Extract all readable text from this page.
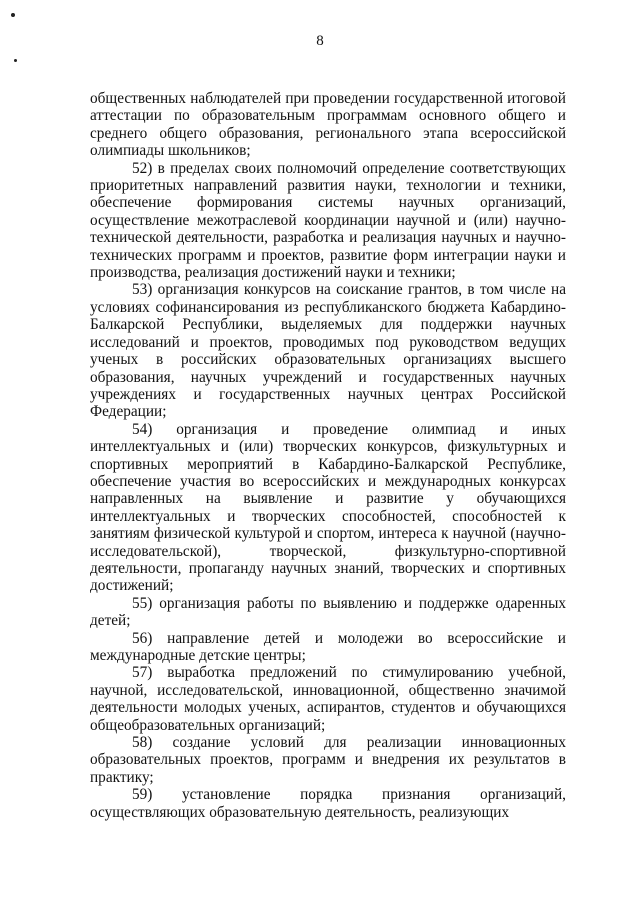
8

общественных наблюдателей при проведении государственной итоговой аттестации по образовательным программам основного общего и среднего общего образования, регионального этапа всероссийской олимпиады школьников;

52) в пределах своих полномочий определение соответствующих приоритетных направлений развития науки, технологии и техники, обеспечение формирования системы научных организаций, осуществление межотраслевой координации научной и (или) научно-технической деятельности, разработка и реализация научных и научно-технических программ и проектов, развитие форм интеграции науки и производства, реализация достижений науки и техники;

53) организация конкурсов на соискание грантов, в том числе на условиях софинансирования из республиканского бюджета Кабардино-Балкарской Республики, выделяемых для поддержки научных исследований и проектов, проводимых под руководством ведущих ученых в российских образовательных организациях высшего образования, научных учреждений и государственных научных учреждениях и государственных научных центрах Российской Федерации;

54) организация и проведение олимпиад и иных интеллектуальных и (или) творческих конкурсов, физкультурных и спортивных мероприятий в Кабардино-Балкарской Республике, обеспечение участия во всероссийских и международных конкурсах направленных на выявление и развитие у обучающихся интеллектуальных и творческих способностей, способностей к занятиям физической культурой и спортом, интереса к научной (научно-исследовательской), творческой, физкультурно-спортивной деятельности, пропаганду научных знаний, творческих и спортивных достижений;

55) организация работы по выявлению и поддержке одаренных детей;

56) направление детей и молодежи во всероссийские и международные детские центры;

57) выработка предложений по стимулированию учебной, научной, исследовательской, инновационной, общественно значимой деятельности молодых ученых, аспирантов, студентов и обучающихся общеобразовательных организаций;

58) создание условий для реализации инновационных образовательных проектов, программ и внедрения их результатов в практику;

59) установление порядка признания организаций, осуществляющих образовательную деятельность, реализующих
